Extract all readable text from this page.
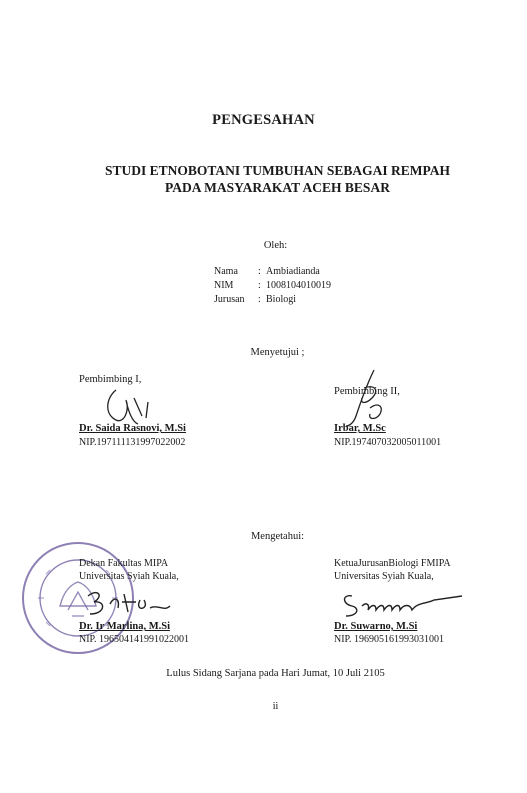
PENGESAHAN
STUDI ETNOBOTANI TUMBUHAN SEBAGAI REMPAH
PADA MASYARAKAT ACEH BESAR
Oleh:
Nama : Ambiadianda
NIM : 1008104010019
Jurusan : Biologi
Menyetujui ;
Pembimbing I,
Dr. Saida Rasnovi, M.Si
NIP.197111131997022002
Pembimbing II,
Irbar, M.Sc
NIP.197407032005011001
Mengetahui:
Dekan Fakultas MIPA
Universitas Syiah Kuala,
Dr. Ir Marlina, M.Si
NIP. 196504141991022001
KetuaJurusanBiologi FMIPA
Universitas Syiah Kuala,
Dr. Suwarno, M.Si
NIP. 196905161993031001
Lulus Sidang Sarjana pada Hari Jumat, 10 Juli 2105
ii
